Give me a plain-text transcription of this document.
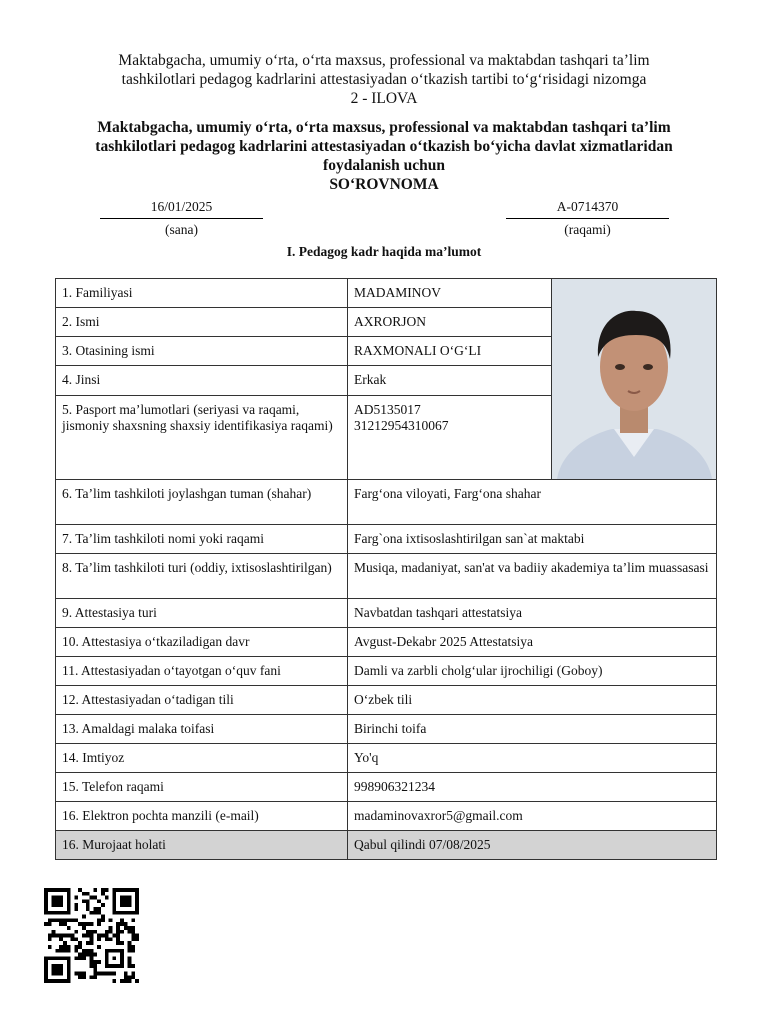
Maktabgacha, umumiy o‘rta, o‘rta maxsus, professional va maktabdan tashqari ta’lim
tashkilotlari pedagog kadrlarini attestasiyadan o‘tkazish tartibi to‘g‘risidagi nizomga
2 - ILOVA
Maktabgacha, umumiy o‘rta, o‘rta maxsus, professional va maktabdan tashqari ta’lim
tashkilotlari pedagog kadrlarini attestasiyadan o‘tkazish bo‘yicha davlat xizmatlaridan
foydalanish uchun
SO‘ROVNOMA
16/01/2025
(sana)
A-0714370
(raqami)
I. Pedagog kadr haqida ma’lumot
1. Familiyasi	MADAMINOV	

2. Ismi	AXRORJON	
3. Otasining ismi	RAXMONALI O‘G‘LI	
4. Jinsi	Erkak	
5. Pasport ma’lumotlari (seriyasi va raqami, jismoniy shaxsning shaxsiy identifikasiya raqami)	AD5135017
31212954310067	

6. Ta’lim tashkiloti joylashgan tuman (shahar)	Farg‘ona viloyati, Farg‘ona shahar	
7. Ta’lim tashkiloti nomi yoki raqami	Farg`ona ixtisoslashtirilgan san`at maktabi	
8. Ta’lim tashkiloti turi (oddiy, ixtisoslashtirilgan)	Musiqa, madaniyat, san'at va badiiy akademiya ta’lim muassasasi	
9. Attestasiya turi	Navbatdan tashqari attestatsiya	
10. Attestasiya o‘tkaziladigan davr	Avgust-Dekabr 2025 Attestatsiya	
11. Attestasiyadan o‘tayotgan o‘quv fani	Damli va zarbli cholg‘ular ijrochiligi (Goboy)	
12. Attestasiyadan o‘tadigan tili	O‘zbek tili	
13. Amaldagi malaka toifasi	Birinchi toifa	
14. Imtiyoz	Yo'q	
15. Telefon raqami	998906321234	
16. Elektron pochta manzili (e-mail)	madaminovaxror5@gmail.com	
16. Murojaat holati	Qabul qilindi 07/08/2025	
